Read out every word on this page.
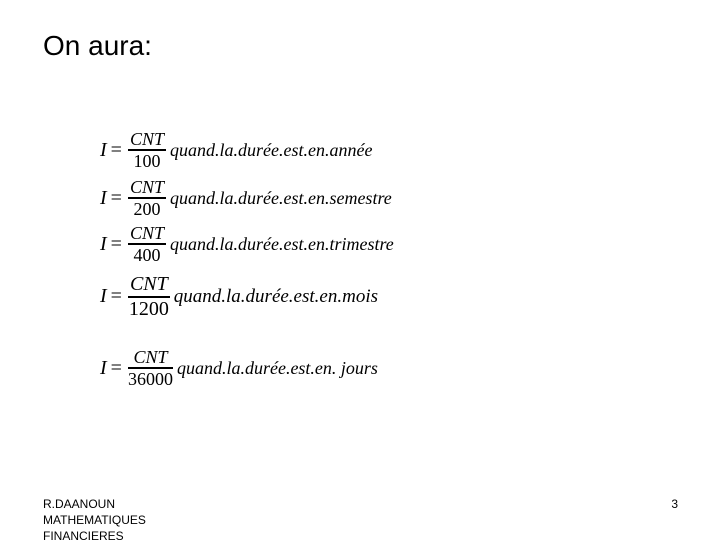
On aura:
$I = \frac{\text{CNT}}{100}$ quand.la.durée.est.en.année
$I = \frac{\text{CNT}}{200}$ quand.la.durée.est.en.semestre
$I = \frac{\text{CNT}}{400}$ quand.la.durée.est.en.trimestre
$I = \frac{\text{CNT}}{1200}$ quand.la.durée.est.en.mois
$I = \frac{\text{CNT}}{36000}$ quand.la.durée.est.en. jours
R.DAANOUN
MATHEMATIQUES
FINANCIERES
3
